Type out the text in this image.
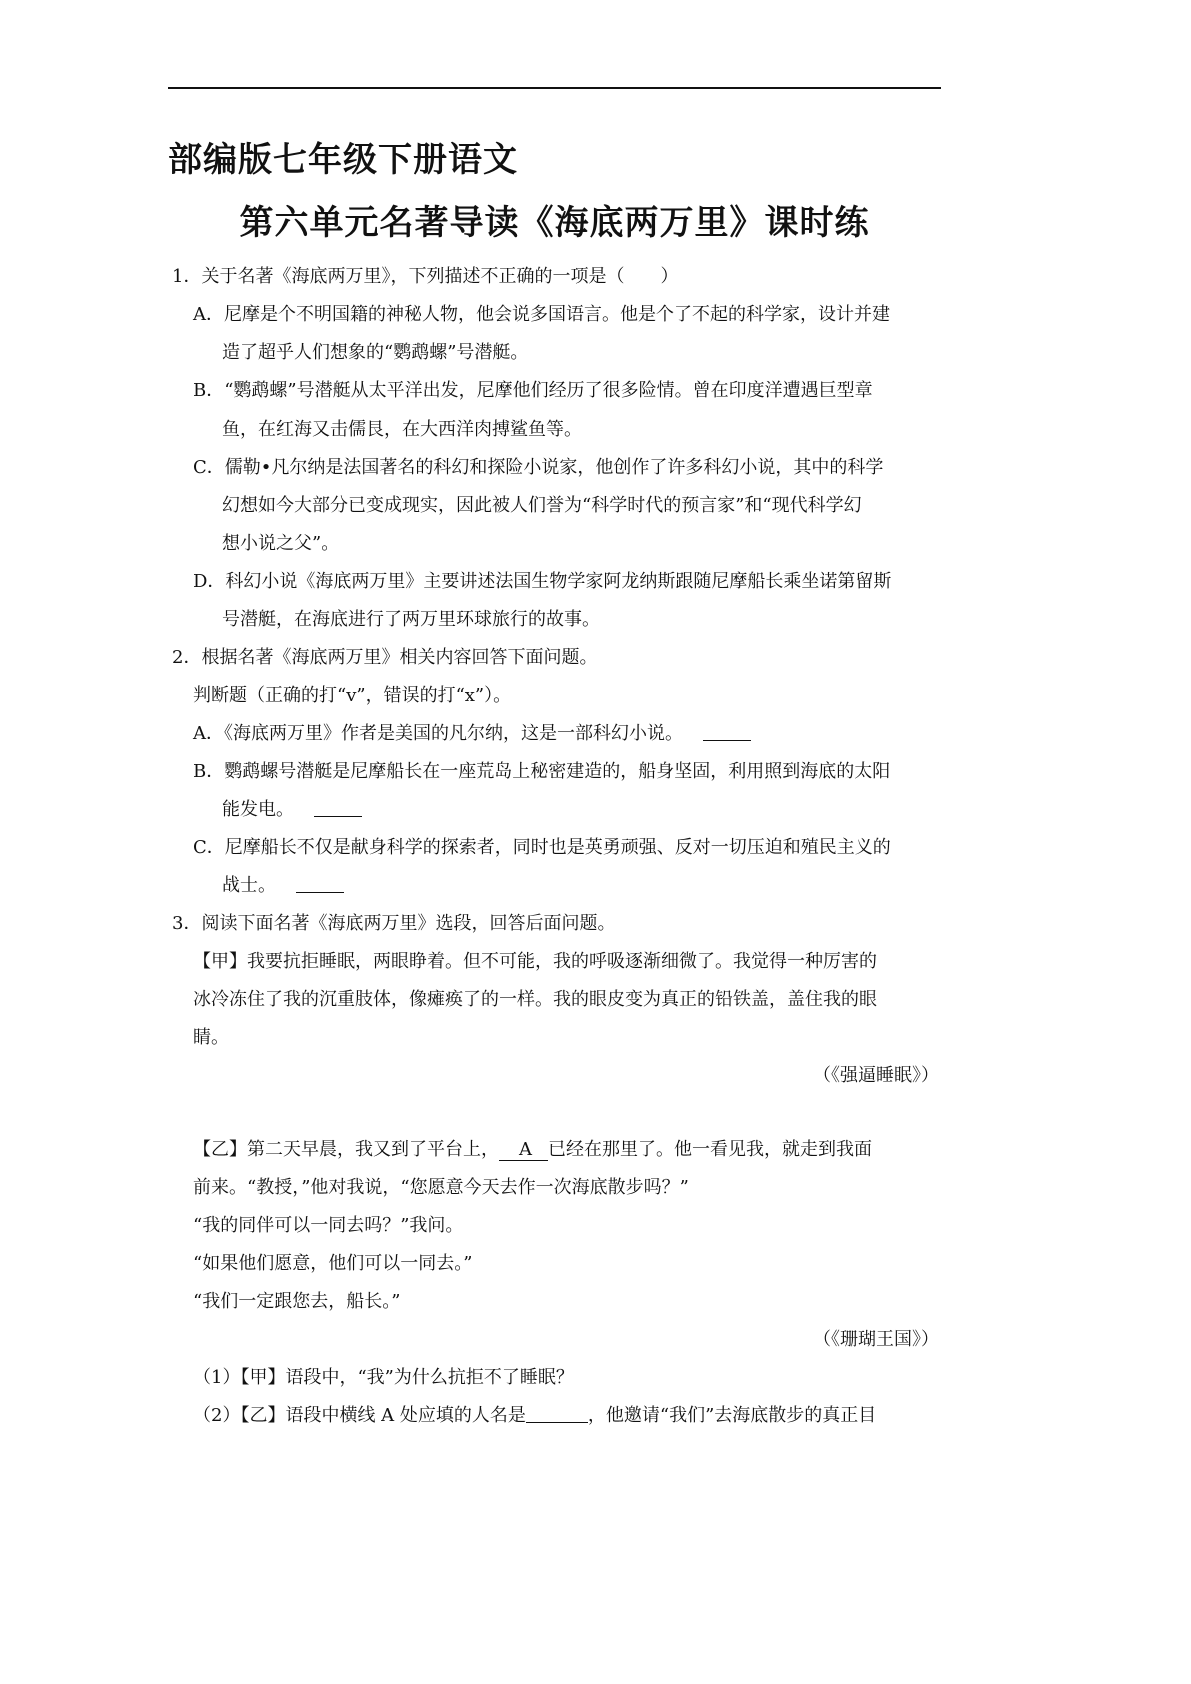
部编版七年级下册语文
第六单元名著导读《海底两万里》课时练
1．关于名著《海底两万里》，下列描述不正确的一项是（　　）
A．尼摩是个不明国籍的神秘人物，他会说多国语言。他是个了不起的科学家，设计并建
造了超乎人们想象的“鹦鹉螺”号潜艇。
B．“鹦鹉螺”号潜艇从太平洋出发，尼摩他们经历了很多险情。曾在印度洋遭遇巨型章
鱼，在红海又击儒艮，在大西洋肉搏鲨鱼等。
C．儒勒•凡尔纳是法国著名的科幻和探险小说家，他创作了许多科幻小说，其中的科学
幻想如今大部分已变成现实，因此被人们誉为“科学时代的预言家”和“现代科学幻
想小说之父”。
D．科幻小说《海底两万里》主要讲述法国生物学家阿龙纳斯跟随尼摩船长乘坐诺第留斯
号潜艇，在海底进行了两万里环球旅行的故事。
2．根据名著《海底两万里》相关内容回答下面问题。
判断题（正确的打“v”，错误的打“x”）。
A．《海底两万里》作者是美国的凡尔纳，这是一部科幻小说。
B．鹦鹉螺号潜艇是尼摩船长在一座荒岛上秘密建造的，船身坚固，利用照到海底的太阳
能发电。
C．尼摩船长不仅是献身科学的探索者，同时也是英勇顽强、反对一切压迫和殖民主义的
战士。
3．阅读下面名著《海底两万里》选段，回答后面问题。
【甲】我要抗拒睡眠，两眼睁着。但不可能，我的呼吸逐渐细微了。我觉得一种厉害的
冰冷冻住了我的沉重肢体，像瘫痪了的一样。我的眼皮变为真正的铅铁盖，盖住我的眼
睛。
（《强逼睡眠》）
【乙】第二天早晨，我又到了平台上， A 已经在那里了。他一看见我，就走到我面
前来。“教授，”他对我说，“您愿意今天去作一次海底散步吗？”
“我的同伴可以一同去吗？”我问。
“如果他们愿意，他们可以一同去。”
“我们一定跟您去，船长。”
（《珊瑚王国》）
（1）【甲】语段中，“我”为什么抗拒不了睡眠？
（2）【乙】语段中横线 A 处应填的人名是	，他邀请“我们”去海底散步的真正目
